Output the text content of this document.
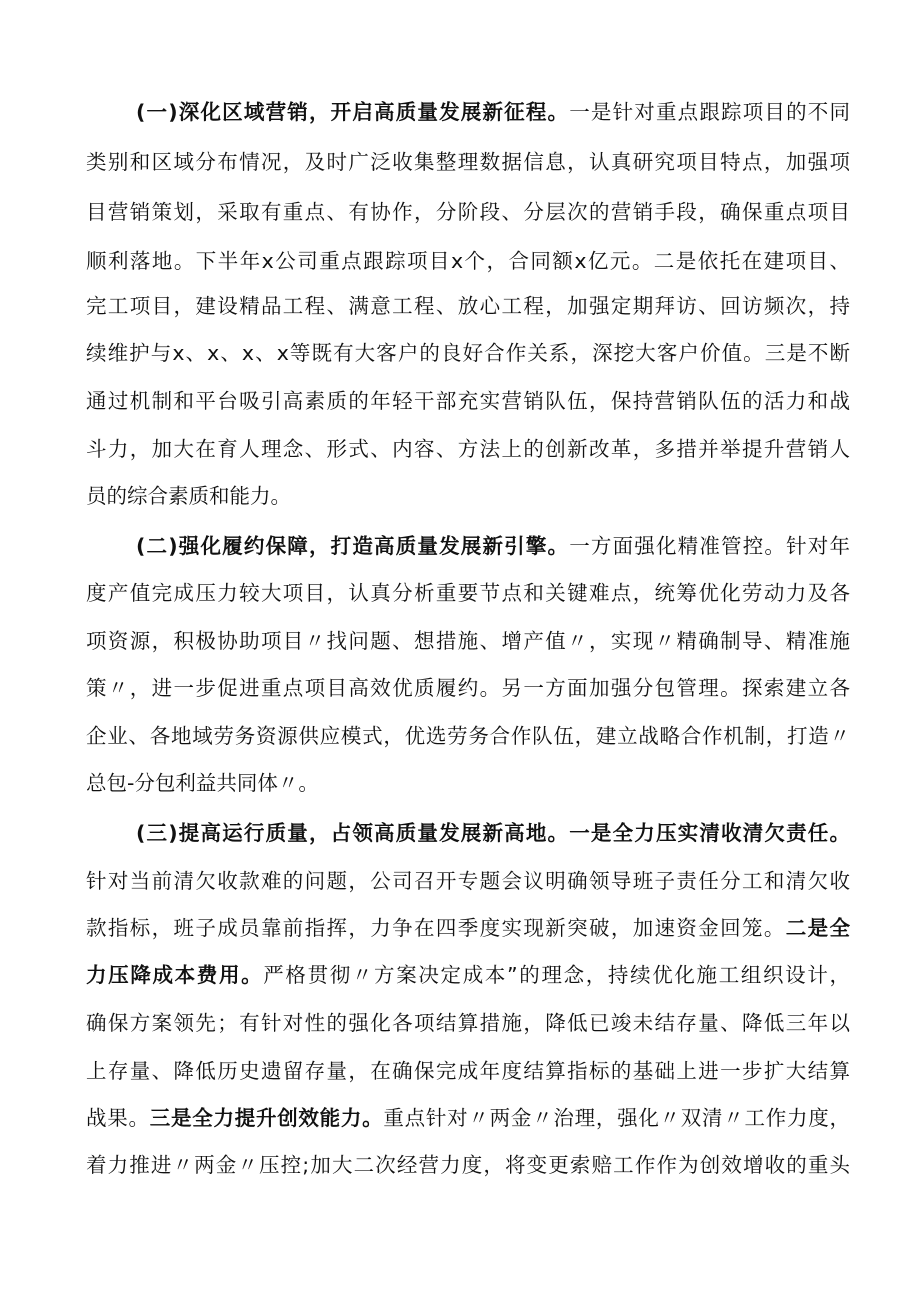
(一)深化区域营销，开启高质量发展新征程。一是针对重点跟踪项目的不同
类别和区域分布情况，及时广泛收集整理数据信息，认真研究项目特点，加强项
目营销策划，采取有重点、有协作，分阶段、分层次的营销手段，确保重点项目
顺利落地。下半年x公司重点跟踪项目x个，合同额x亿元。二是依托在建项目、
完工项目，建设精品工程、满意工程、放心工程，加强定期拜访、回访频次，持
续维护与x、x、x、x等既有大客户的良好合作关系，深挖大客户价值。三是不断
通过机制和平台吸引高素质的年轻干部充实营销队伍，保持营销队伍的活力和战
斗力，加大在育人理念、形式、内容、方法上的创新改革，多措并举提升营销人
员的综合素质和能力。
(二)强化履约保障，打造高质量发展新引擎。一方面强化精准管控。针对年
度产值完成压力较大项目，认真分析重要节点和关键难点，统筹优化劳动力及各
项资源，积极协助项目〃找问题、想措施、增产值〃，实现〃精确制导、精准施
策〃，进一步促进重点项目高效优质履约。另一方面加强分包管理。探索建立各
企业、各地域劳务资源供应模式，优选劳务合作队伍，建立战略合作机制，打造〃
总包-分包利益共同体〃。
(三)提高运行质量，占领高质量发展新高地。一是全力压实清收清欠责任。
针对当前清欠收款难的问题，公司召开专题会议明确领导班子责任分工和清欠收
款指标，班子成员靠前指挥，力争在四季度实现新突破，加速资金回笼。二是全
力压降成本费用。严格贯彻〃方案决定成本”的理念，持续优化施工组织设计，
确保方案领先；有针对性的强化各项结算措施，降低已竣未结存量、降低三年以
上存量、降低历史遗留存量，在确保完成年度结算指标的基础上进一步扩大结算
战果。三是全力提升创效能力。重点针对〃两金〃治理，强化〃双清〃工作力度，
着力推进〃两金〃压控;加大二次经营力度，将变更索赔工作作为创效增收的重头
